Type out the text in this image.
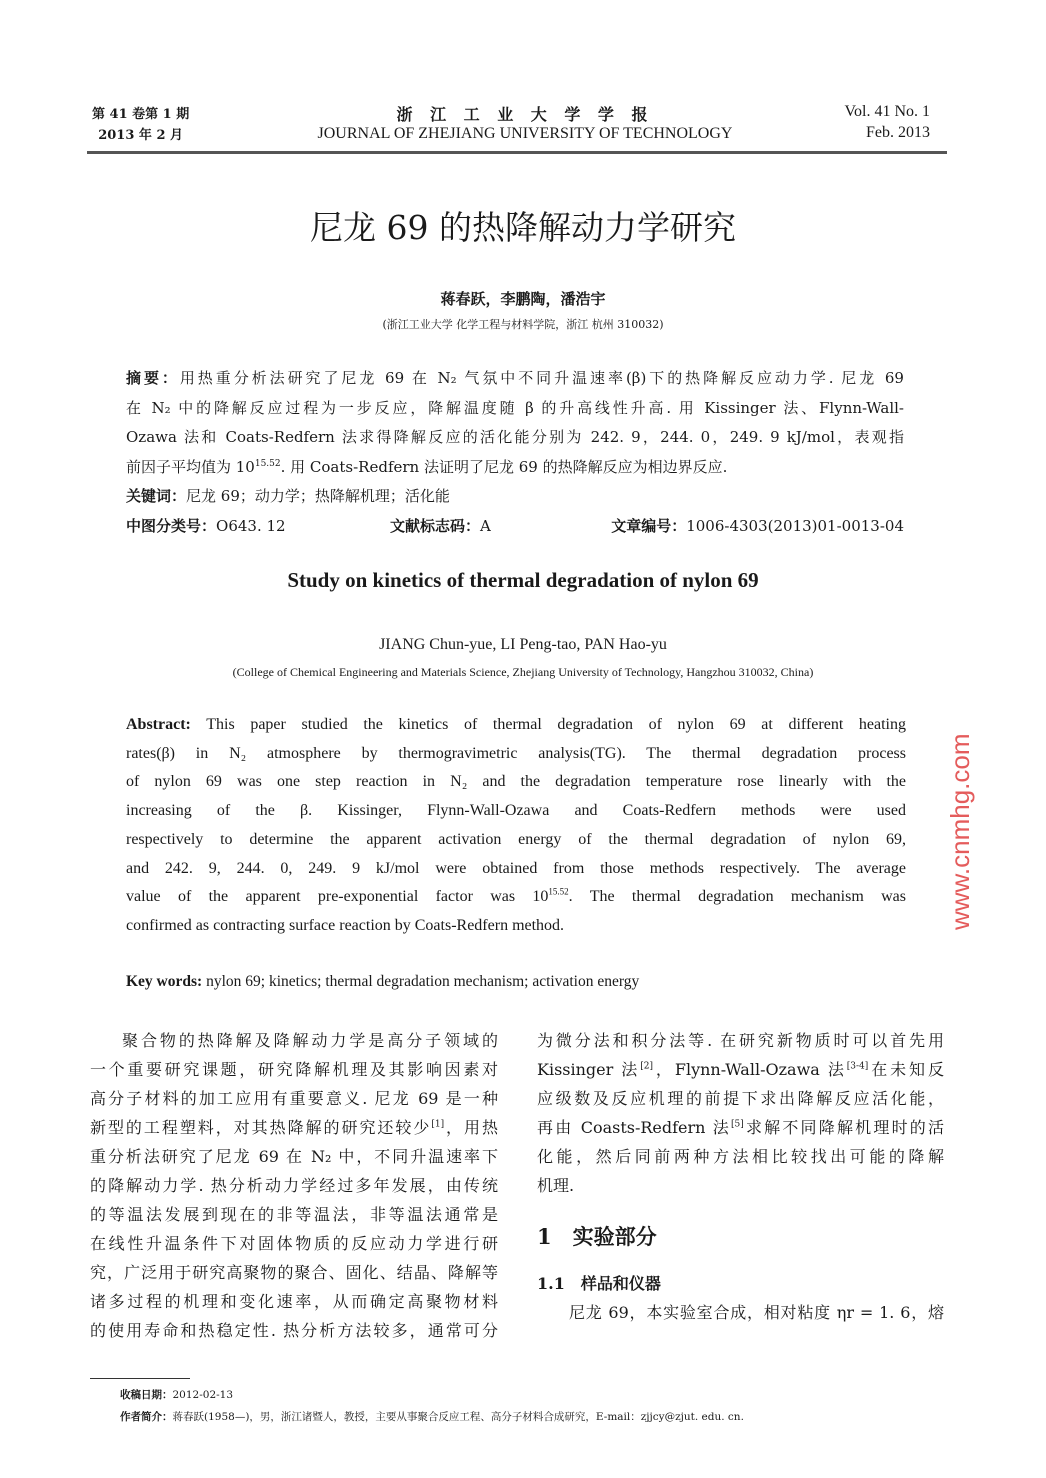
第 41 卷第 1 期
2013 年 2 月
浙 江 工 业 大 学 学 报
JOURNAL OF ZHEJIANG UNIVERSITY OF TECHNOLOGY
Vol. 41 No. 1
Feb. 2013
尼龙 69 的热降解动力学研究
蒋春跃，李鹏陶，潘浩宇
(浙江工业大学 化学工程与材料学院，浙江 杭州 310032)
摘要：用热重分析法研究了尼龙 69 在 N₂ 气氛中不同升温速率(β)下的热降解反应动力学. 尼龙 69
在 N₂ 中的降解反应过程为一步反应，降解温度随 β 的升高线性升高. 用 Kissinger 法、Flynn-Wall-
Ozawa 法和 Coats-Redfern 法求得降解反应的活化能分别为 242. 9，244. 0，249. 9 kJ/mol，表观指
前因子平均值为 $10^{15.52}$. 用 Coats-Redfern 法证明了尼龙 69 的热降解反应为相边界反应.
关键词：尼龙 69；动力学；热降解机理；活化能
中图分类号：O643. 12	文献标志码：A	文章编号：1006-4303(2013)01-0013-04
Study on kinetics of thermal degradation of nylon 69
JIANG Chun-yue, LI Peng-tao, PAN Hao-yu
(College of Chemical Engineering and Materials Science, Zhejiang University of Technology, Hangzhou 310032, China)
Abstract: This paper studied the kinetics of thermal degradation of nylon 69 at different heating
rates(β) in N₂ atmosphere by thermogravimetric analysis(TG). The thermal degradation process
of nylon 69 was one step reaction in N₂ and the degradation temperature rose linearly with the
increasing of the β. Kissinger, Flynn-Wall-Ozawa and Coats-Redfern methods were used
respectively to determine the apparent activation energy of the thermal degradation of nylon 69,
and 242. 9, 244. 0, 249. 9 kJ/mol were obtained from those methods respectively. The average
value of the apparent pre-exponential factor was $10^{15.52}$. The thermal degradation mechanism was
confirmed as contracting surface reaction by Coats-Redfern method.
Key words: nylon 69; kinetics; thermal degradation mechanism; activation energy
聚合物的热降解及降解动力学是高分子领域的
一个重要研究课题，研究降解机理及其影响因素对
高分子材料的加工应用有重要意义. 尼龙 69 是一种
新型的工程塑料，对其热降解的研究还较少[1]，用热
重分析法研究了尼龙 69 在 N₂ 中，不同升温速率下
的降解动力学. 热分析动力学经过多年发展，由传统
的等温法发展到现在的非等温法，非等温法通常是
在线性升温条件下对固体物质的反应动力学进行研
究，广泛用于研究高聚物的聚合、固化、结晶、降解等
诸多过程的机理和变化速率，从而确定高聚物材料
的使用寿命和热稳定性. 热分析方法较多，通常可分
为微分法和积分法等. 在研究新物质时可以首先用
Kissinger 法[2]，Flynn-Wall-Ozawa 法[3-4]在未知反
应级数及反应机理的前提下求出降解反应活化能，
再由 Coasts-Redfern 法[5]求解不同降解机理时的活
化能，然后同前两种方法相比较找出可能的降解
机理.
1　实验部分
1.1　样品和仪器
尼龙 69，本实验室合成，相对粘度 ηr = 1. 6，熔
收稿日期：2012-02-13
作者简介：蒋春跃(1958—)，男，浙江诸暨人，教授，主要从事聚合反应工程、高分子材料合成研究，E-mail：zjjcy@zjut. edu. cn.
www.cnmhg.com
